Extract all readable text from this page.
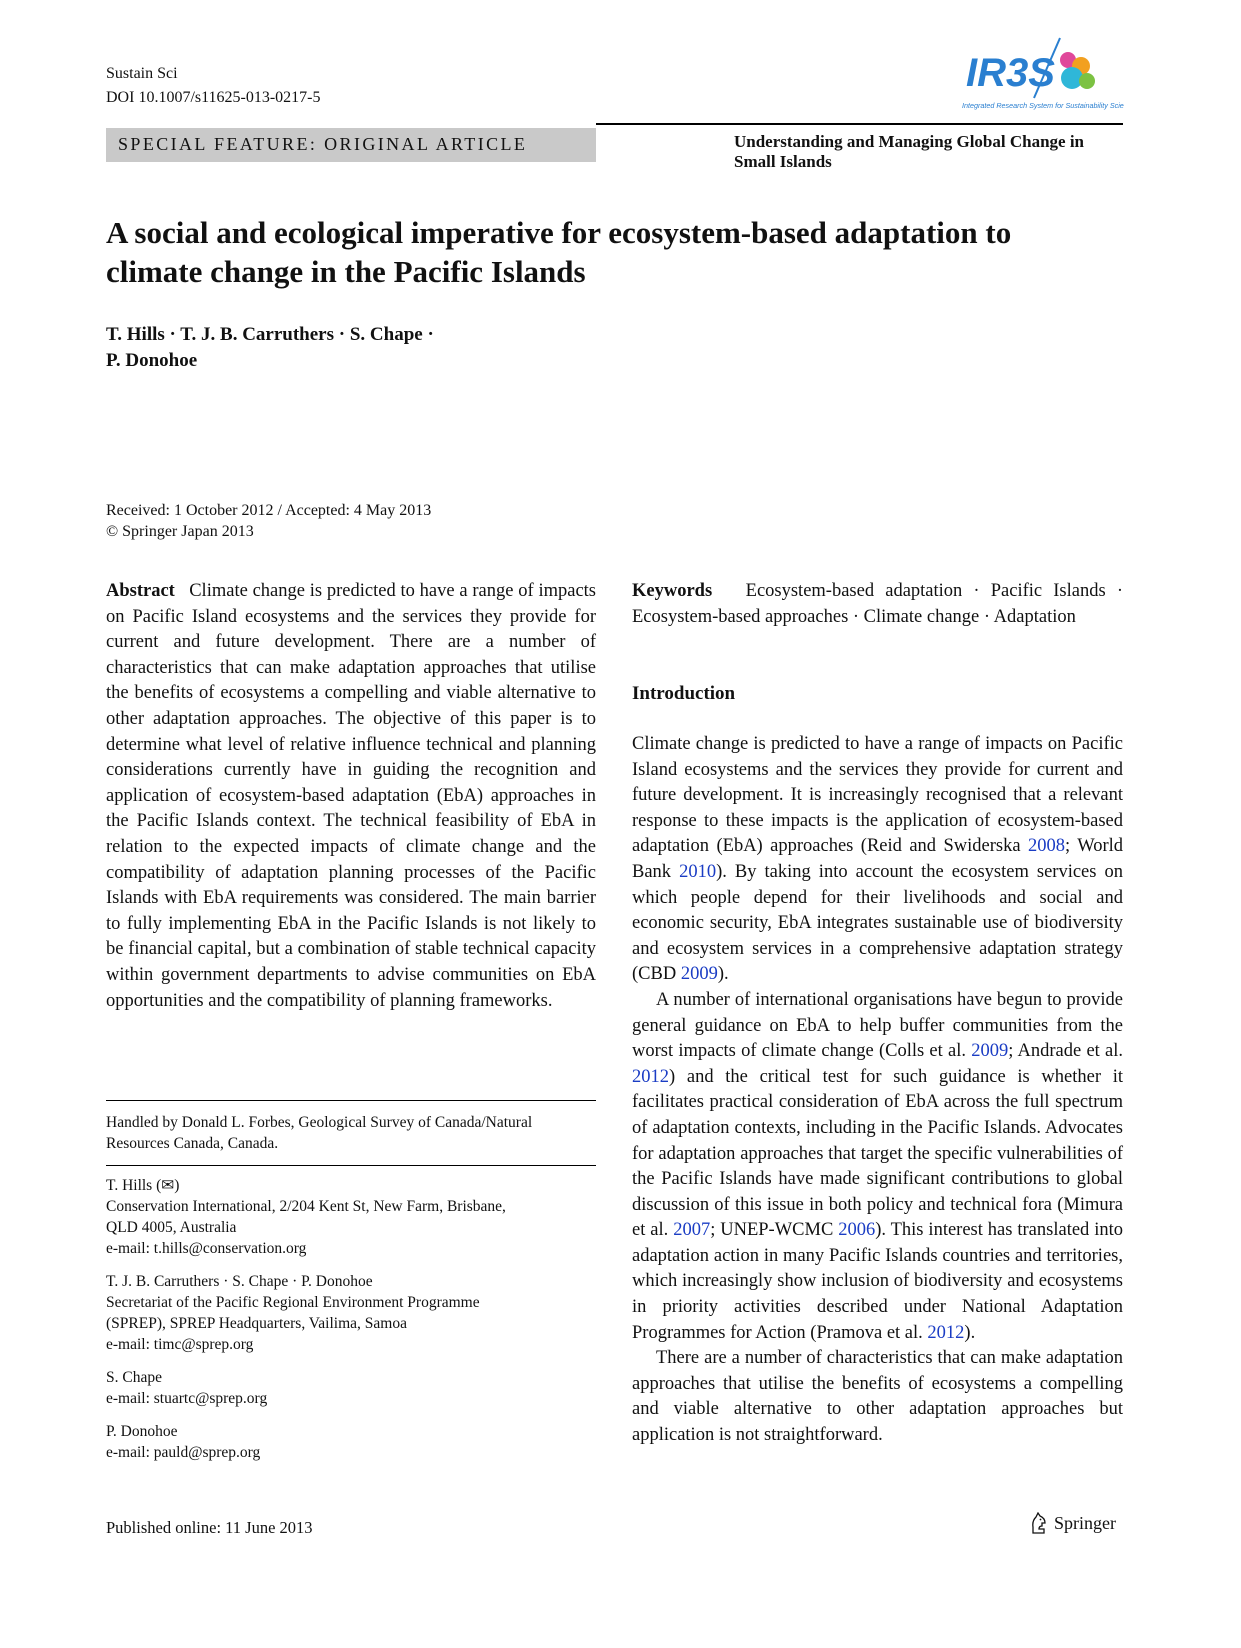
Sustain Sci
DOI 10.1007/s11625-013-0217-5
IR3S
Integrated Research System for Sustainability Science
SPECIAL FEATURE: ORIGINAL ARTICLE	Understanding and Managing Global Change in Small Islands
A social and ecological imperative for ecosystem-based adaptation to climate change in the Pacific Islands
T. Hills · T. J. B. Carruthers · S. Chape ·
P. Donohoe
Received: 1 October 2012 / Accepted: 4 May 2013
© Springer Japan 2013
Abstract Climate change is predicted to have a range of impacts on Pacific Island ecosystems and the services they provide for current and future development. There are a number of characteristics that can make adaptation approaches that utilise the benefits of ecosystems a compelling and viable alternative to other adaptation approaches. The objective of this paper is to determine what level of relative influence technical and planning considerations currently have in guiding the recognition and application of ecosystem-based adaptation (EbA) approaches in the Pacific Islands context. The technical feasibility of EbA in relation to the expected impacts of climate change and the compatibility of adaptation planning processes of the Pacific Islands with EbA requirements was considered. The main barrier to fully implementing EbA in the Pacific Islands is not likely to be financial capital, but a combination of stable technical capacity within government departments to advise communities on EbA opportunities and the compatibility of planning frameworks.
Keywords Ecosystem-based adaptation · Pacific Islands · Ecosystem-based approaches · Climate change · Adaptation
Introduction

Climate change is predicted to have a range of impacts on Pacific Island ecosystems and the services they provide for current and future development. It is increasingly recognised that a relevant response to these impacts is the application of ecosystem-based adaptation (EbA) approaches (Reid and Swiderska 2008; World Bank 2010). By taking into account the ecosystem services on which people depend for their livelihoods and social and economic security, EbA integrates sustainable use of biodiversity and ecosystem services in a comprehensive adaptation strategy (CBD 2009).

A number of international organisations have begun to provide general guidance on EbA to help buffer communities from the worst impacts of climate change (Colls et al. 2009; Andrade et al. 2012) and the critical test for such guidance is whether it facilitates practical consideration of EbA across the full spectrum of adaptation contexts, including in the Pacific Islands. Advocates for adaptation approaches that target the specific vulnerabilities of the Pacific Islands have made significant contributions to global discussion of this issue in both policy and technical fora (Mimura et al. 2007; UNEP-WCMC 2006). This interest has translated into adaptation action in many Pacific Islands countries and territories, which increasingly show inclusion of biodiversity and ecosystems in priority activities described under National Adaptation Programmes for Action (Pramova et al. 2012).

There are a number of characteristics that can make adaptation approaches that utilise the benefits of ecosystems a compelling and viable alternative to other adaptation approaches but application is not straightforward.

Handled by Donald L. Forbes, Geological Survey of Canada/Natural Resources Canada, Canada.

T. Hills (✉)
Conservation International, 2/204 Kent St, New Farm, Brisbane,
QLD 4005, Australia
e-mail: t.hills@conservation.org

T. J. B. Carruthers · S. Chape · P. Donohoe
Secretariat of the Pacific Regional Environment Programme
(SPREP), SPREP Headquarters, Vailima, Samoa
e-mail: timc@sprep.org

S. Chape
e-mail: stuartc@sprep.org

P. Donohoe
e-mail: pauld@sprep.org

Published online: 11 June 2013	Springer
